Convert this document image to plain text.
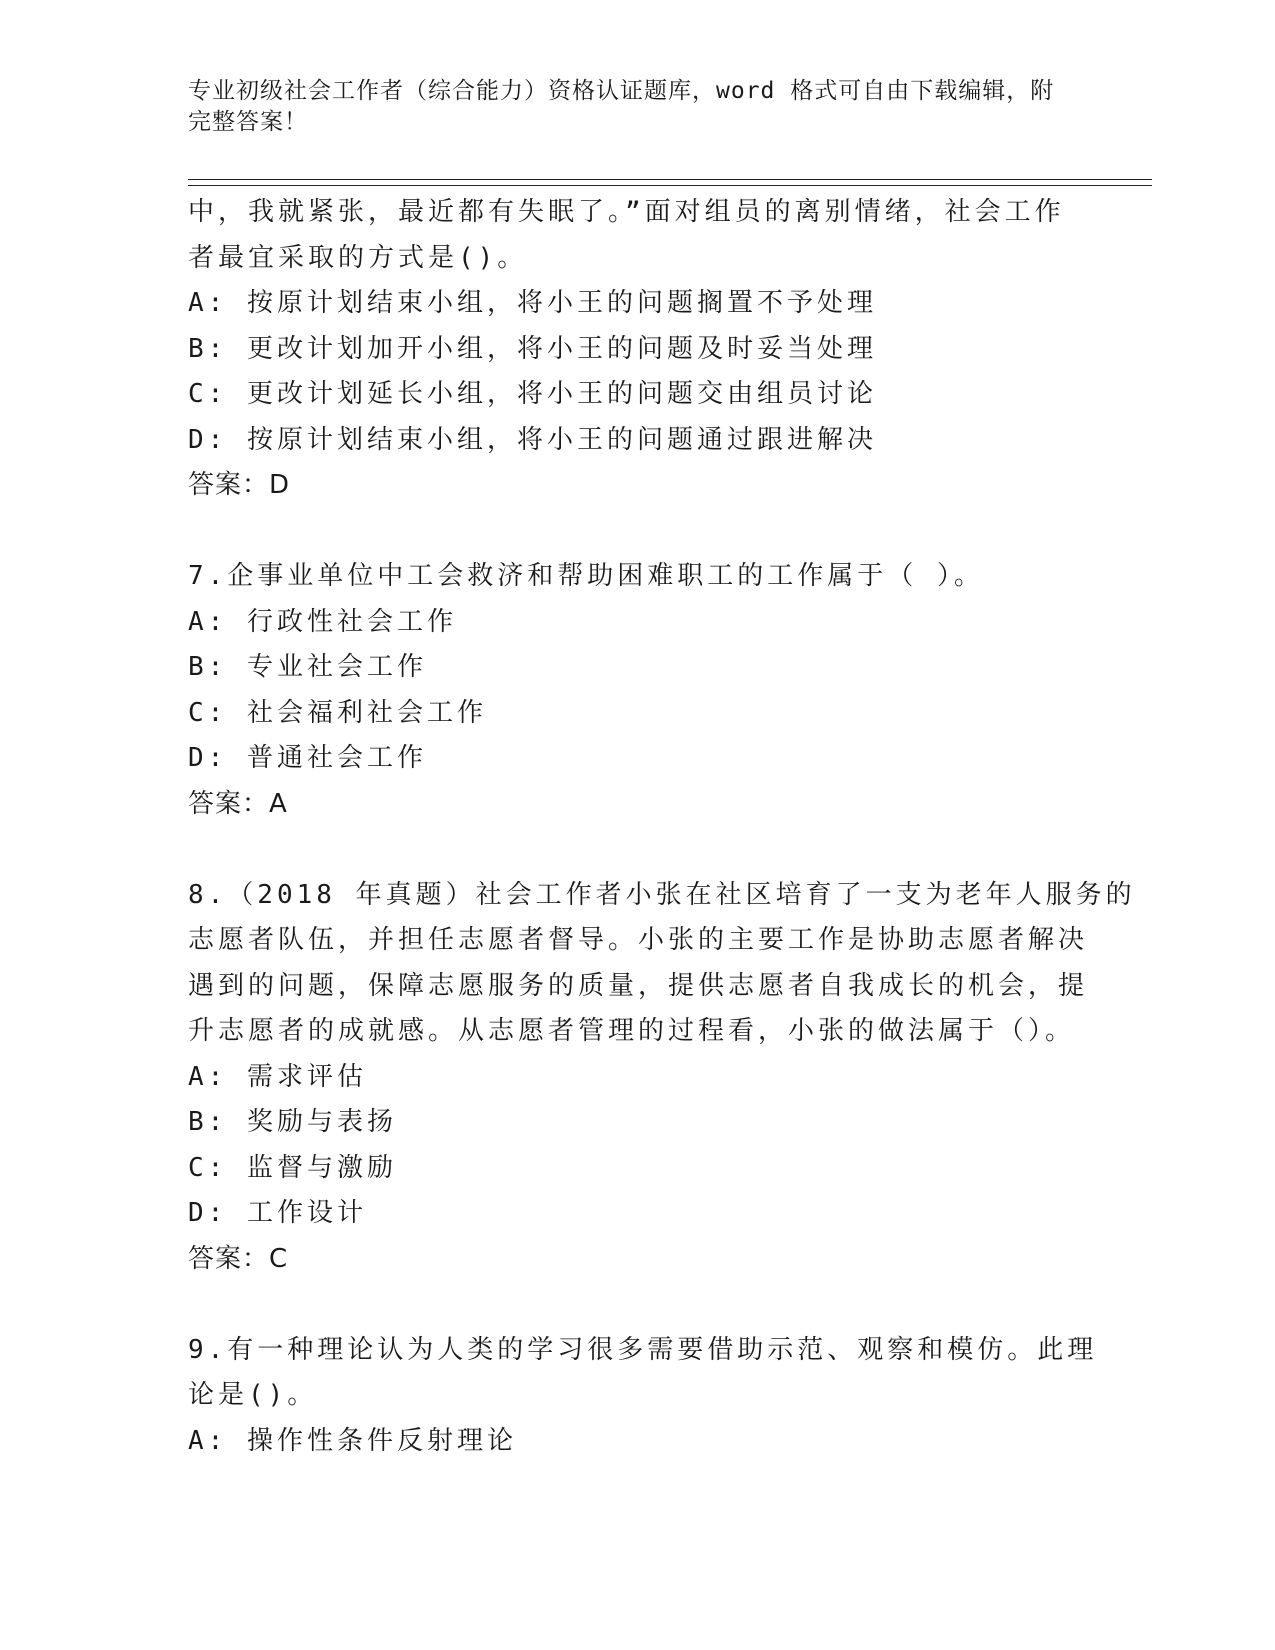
专业初级社会工作者（综合能力）资格认证题库，word 格式可自由下载编辑，附
完整答案！
中，我就紧张，最近都有失眠了。”面对组员的离别情绪，社会工作
者最宜采取的方式是()。
A: 按原计划结束小组，将小王的问题搁置不予处理
B: 更改计划加开小组，将小王的问题及时妥当处理
C: 更改计划延长小组，将小王的问题交由组员讨论
D: 按原计划结束小组，将小王的问题通过跟进解决
答案：D
7.企事业单位中工会救济和帮助困难职工的工作属于（ ）。
A: 行政性社会工作
B: 专业社会工作
C: 社会福利社会工作
D: 普通社会工作
答案：A
8.（2018 年真题）社会工作者小张在社区培育了一支为老年人服务的
志愿者队伍，并担任志愿者督导。小张的主要工作是协助志愿者解决
遇到的问题，保障志愿服务的质量，提供志愿者自我成长的机会，提
升志愿者的成就感。从志愿者管理的过程看，小张的做法属于（）。
A: 需求评估
B: 奖励与表扬
C: 监督与激励
D: 工作设计
答案：C
9.有一种理论认为人类的学习很多需要借助示范、观察和模仿。此理
论是()。
A: 操作性条件反射理论
